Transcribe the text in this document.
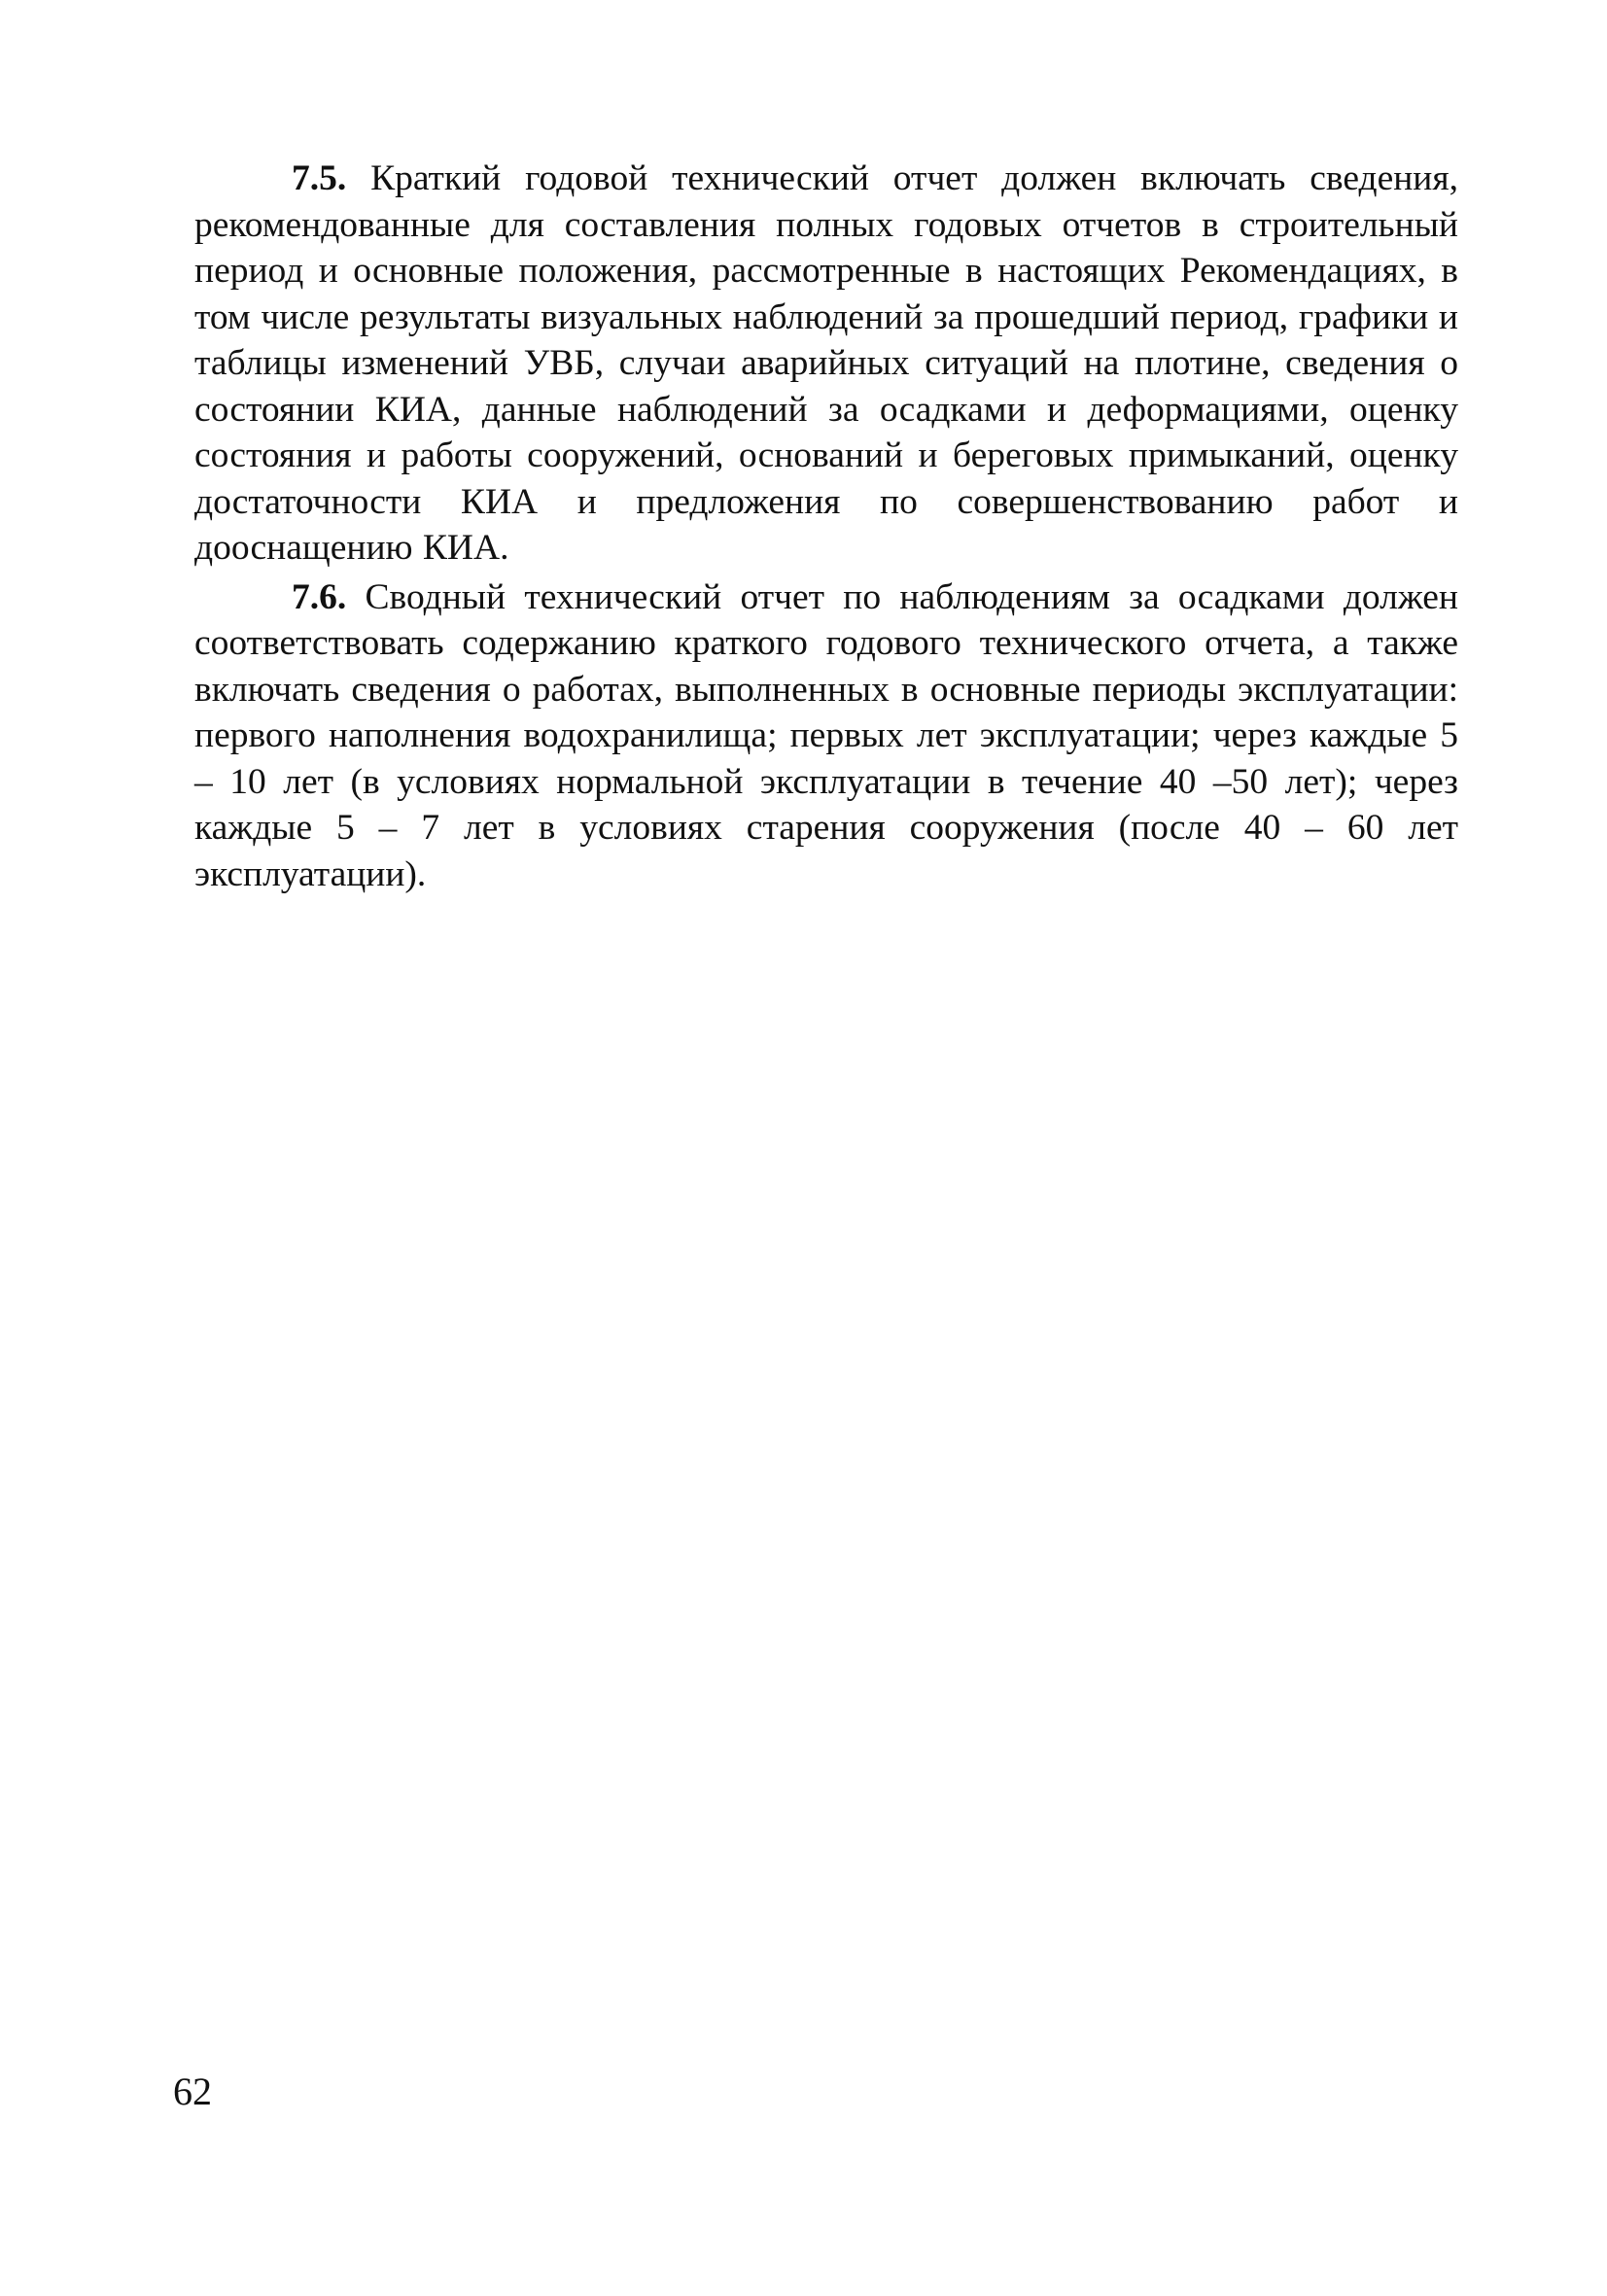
7.5. Краткий годовой технический отчет должен включать сведения, рекомендованные для составления полных годовых отчетов в строительный период и основные положения, рассмотренные в настоящих Рекомендациях, в том числе результаты визуальных наблюдений за прошедший период, графики и таблицы изменений УВБ, случаи аварийных ситуаций на плотине, сведения о состоянии КИА, данные наблюдений за осадками и деформациями, оценку состояния и работы сооружений, оснований и береговых примыканий, оценку достаточности КИА и предложения по совершенствованию работ и дооснащению КИА.

7.6. Сводный технический отчет по наблюдениям за осадками должен соответствовать содержанию краткого годового технического отчета, а также включать сведения о работах, выполненных в основные периоды эксплуатации: первого наполнения водохранилища; первых лет эксплуатации; через каждые 5 – 10 лет (в условиях нормальной эксплуатации в течение 40 –50 лет); через каждые 5 – 7 лет в условиях старения сооружения (после 40 – 60 лет эксплуатации).

62
